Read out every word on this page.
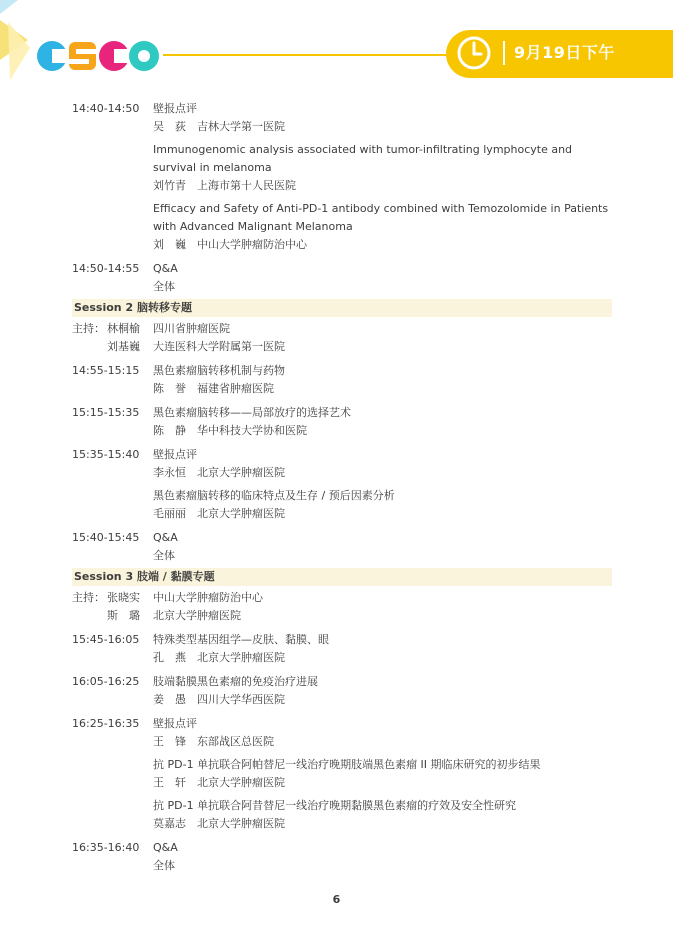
9月19日下午
14:40-14:50	壁报点评
吴　荻　吉林大学第一医院
Immunogenomic analysis associated with tumor-infiltrating lymphocyte and survival in melanoma
刘竹青　上海市第十人民医院
Efficacy and Safety of Anti-PD-1 antibody combined with Temozolomide in Patients with Advanced Malignant Melanoma
刘　巍　中山大学肿瘤防治中心
14:50-14:55	Q&A
全体
Session 2 脑转移专题
主持： 林桐榆 四川省肿瘤医院
刘基巍 大连医科大学附属第一医院
14:55-15:15	黑色素瘤脑转移机制与药物
陈　誉　福建省肿瘤医院
15:15-15:35	黑色素瘤脑转移——局部放疗的选择艺术
陈　静　华中科技大学协和医院
15:35-15:40	壁报点评
李永恒　北京大学肿瘤医院
黑色素瘤脑转移的临床特点及生存 / 预后因素分析
毛丽丽　北京大学肿瘤医院
15:40-15:45	Q&A
全体
Session 3 肢端 / 黏膜专题
主持： 张晓实 中山大学肿瘤防治中心
斯　璐 北京大学肿瘤医院
15:45-16:05	特殊类型基因组学—皮肤、黏膜、眼
孔　燕　北京大学肿瘤医院
16:05-16:25	肢端黏膜黑色素瘤的免疫治疗进展
姜　愚　四川大学华西医院
16:25-16:35	壁报点评
王　锋　东部战区总医院
抗 PD-1 单抗联合阿帕替尼一线治疗晚期肢端黑色素瘤 II 期临床研究的初步结果
王　轩　北京大学肿瘤医院
抗 PD-1 单抗联合阿昔替尼一线治疗晚期黏膜黑色素瘤的疗效及安全性研究
莫嘉志　北京大学肿瘤医院
16:35-16:40	Q&A
全体
6
